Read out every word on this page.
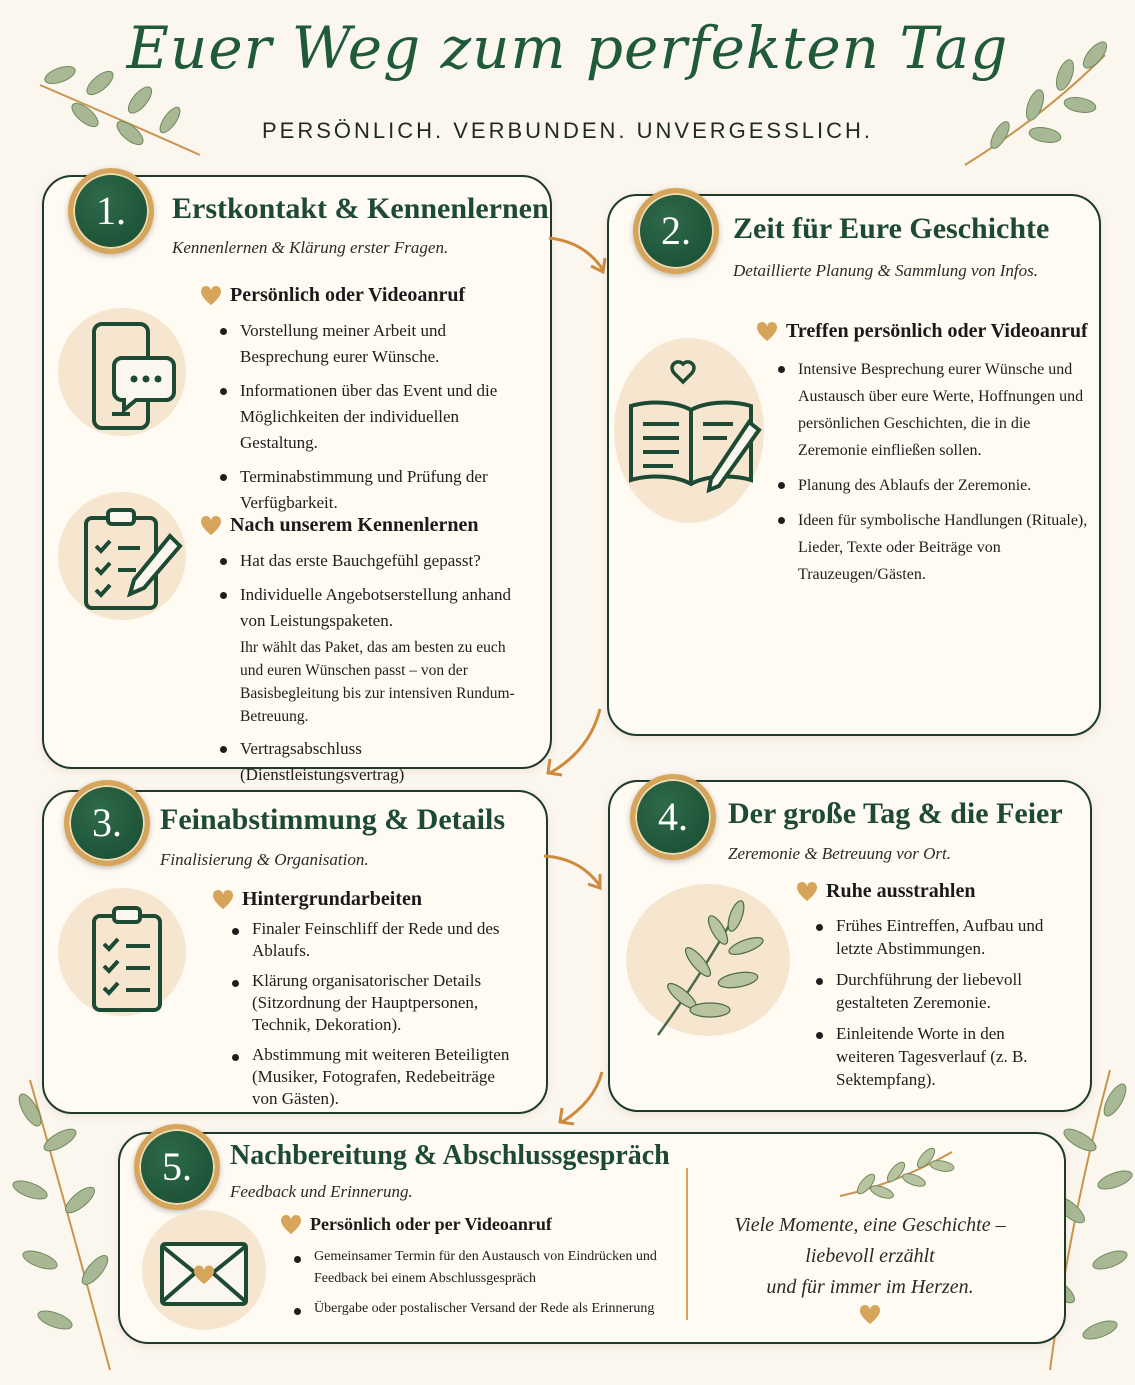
Euer Weg zum perfekten Tag
PERSÖNLICH. VERBUNDEN. UNVERGESSLICH.
1.	Erstkontakt & Kennenlernen
Kennenlernen & Klärung erster Fragen.
Persönlich oder Videoanruf
Vorstellung meiner Arbeit und Besprechung eurer Wünsche.
Informationen über das Event und die Möglichkeiten der individuellen Gestaltung.
Terminabstimmung und Prüfung der Verfügbarkeit.
Nach unserem Kennenlernen
Hat das erste Bauchgefühl gepasst?
Individuelle Angebotserstellung anhand von Leistungspaketen.
Ihr wählt das Paket, das am besten zu euch und euren Wünschen passt – von der Basisbegleitung bis zur intensiven Rundum-Betreuung.
Vertragsabschluss (Dienstleistungsvertrag)
2.	Zeit für Eure Geschichte
Detaillierte Planung & Sammlung von Infos.
Treffen persönlich oder Videoanruf
Intensive Besprechung eurer Wünsche und Austausch über eure Werte, Hoffnungen und persönlichen Geschichten, die in die Zeremonie einfließen sollen.
Planung des Ablaufs der Zeremonie.
Ideen für symbolische Handlungen (Rituale), Lieder, Texte oder Beiträge von Trauzeugen/Gästen.
3.	Feinabstimmung & Details
Finalisierung & Organisation.
Hintergrundarbeiten
Finaler Feinschliff der Rede und des Ablaufs.
Klärung organisatorischer Details (Sitzordnung der Hauptpersonen, Technik, Dekoration).
Abstimmung mit weiteren Beteiligten (Musiker, Fotografen, Redebeiträge von Gästen).
4.	Der große Tag & die Feier
Zeremonie & Betreuung vor Ort.
Ruhe ausstrahlen
Frühes Eintreffen, Aufbau und letzte Abstimmungen.
Durchführung der liebevoll gestalteten Zeremonie.
Einleitende Worte in den weiteren Tagesverlauf (z. B. Sektempfang).
5.	Nachbereitung & Abschlussgespräch
Feedback und Erinnerung.
Persönlich oder per Videoanruf
Gemeinsamer Termin für den Austausch von Eindrücken und Feedback bei einem Abschlussgespräch
Übergabe oder postalischer Versand der Rede als Erinnerung
Viele Momente, eine Geschichte –
liebevoll erzählt
und für immer im Herzen.
